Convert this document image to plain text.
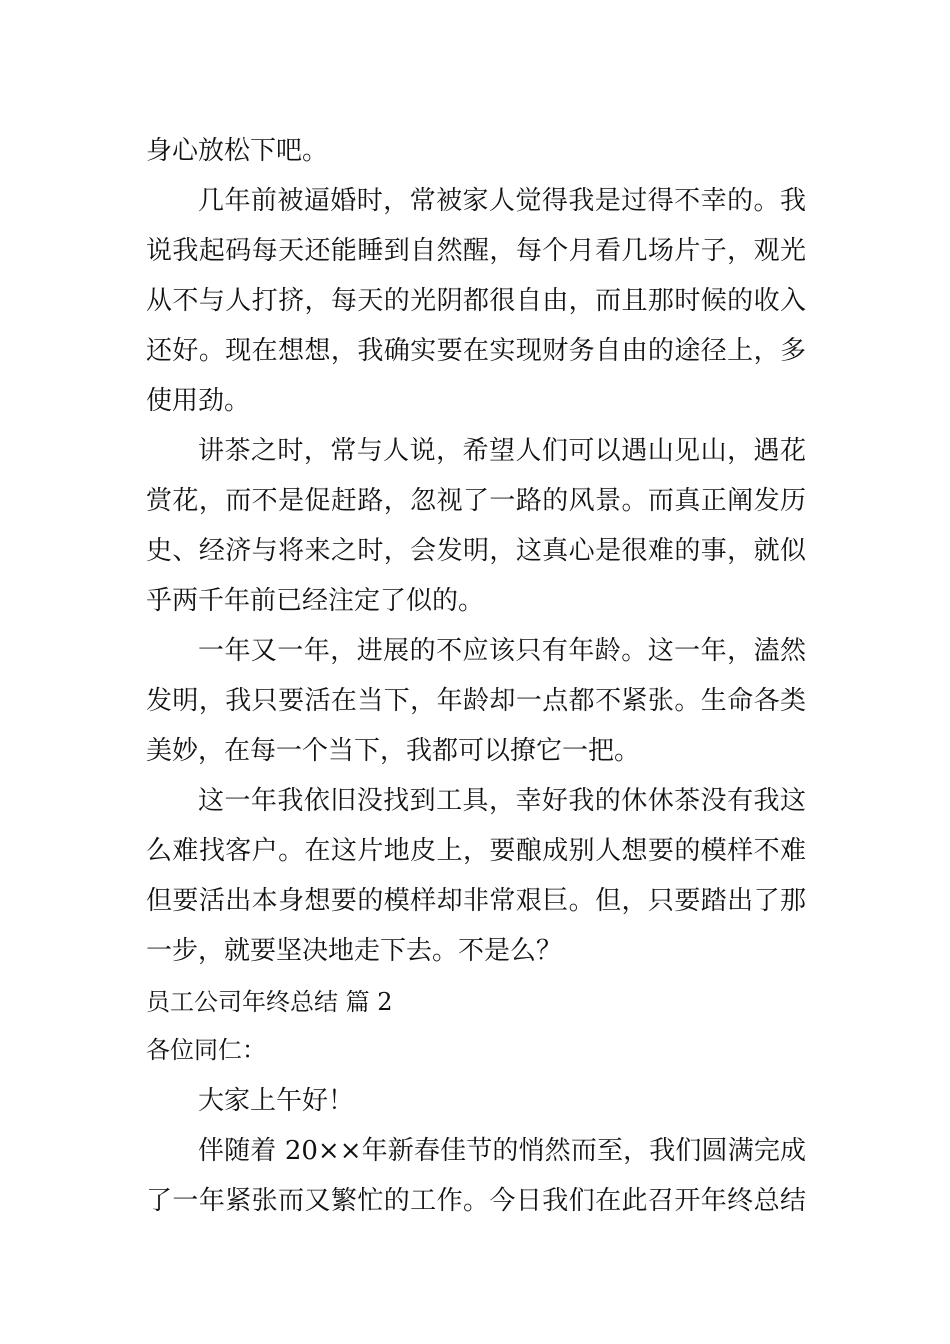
身心放松下吧。
几年前被逼婚时，常被家人觉得我是过得不幸的。我
说我起码每天还能睡到自然醒，每个月看几场片子，观光
从不与人打挤，每天的光阴都很自由，而且那时候的收入
还好。现在想想，我确实要在实现财务自由的途径上，多
使用劲。
讲茶之时，常与人说，希望人们可以遇山见山，遇花
赏花，而不是促赶路，忽视了一路的风景。而真正阐发历
史、经济与将来之时，会发明，这真心是很难的事，就似
乎两千年前已经注定了似的。
一年又一年，进展的不应该只有年龄。这一年，溘然
发明，我只要活在当下，年龄却一点都不紧张。生命各类
美妙，在每一个当下，我都可以撩它一把。
这一年我依旧没找到工具，幸好我的休休茶没有我这
么难找客户。在这片地皮上，要酿成别人想要的模样不难
但要活出本身想要的模样却非常艰巨。但，只要踏出了那
一步，就要坚决地走下去。不是么？
员工公司年终总结 篇 2
各位同仁：
大家上午好！
伴随着 20××年新春佳节的悄然而至，我们圆满完成
了一年紧张而又繁忙的工作。今日我们在此召开年终总结
